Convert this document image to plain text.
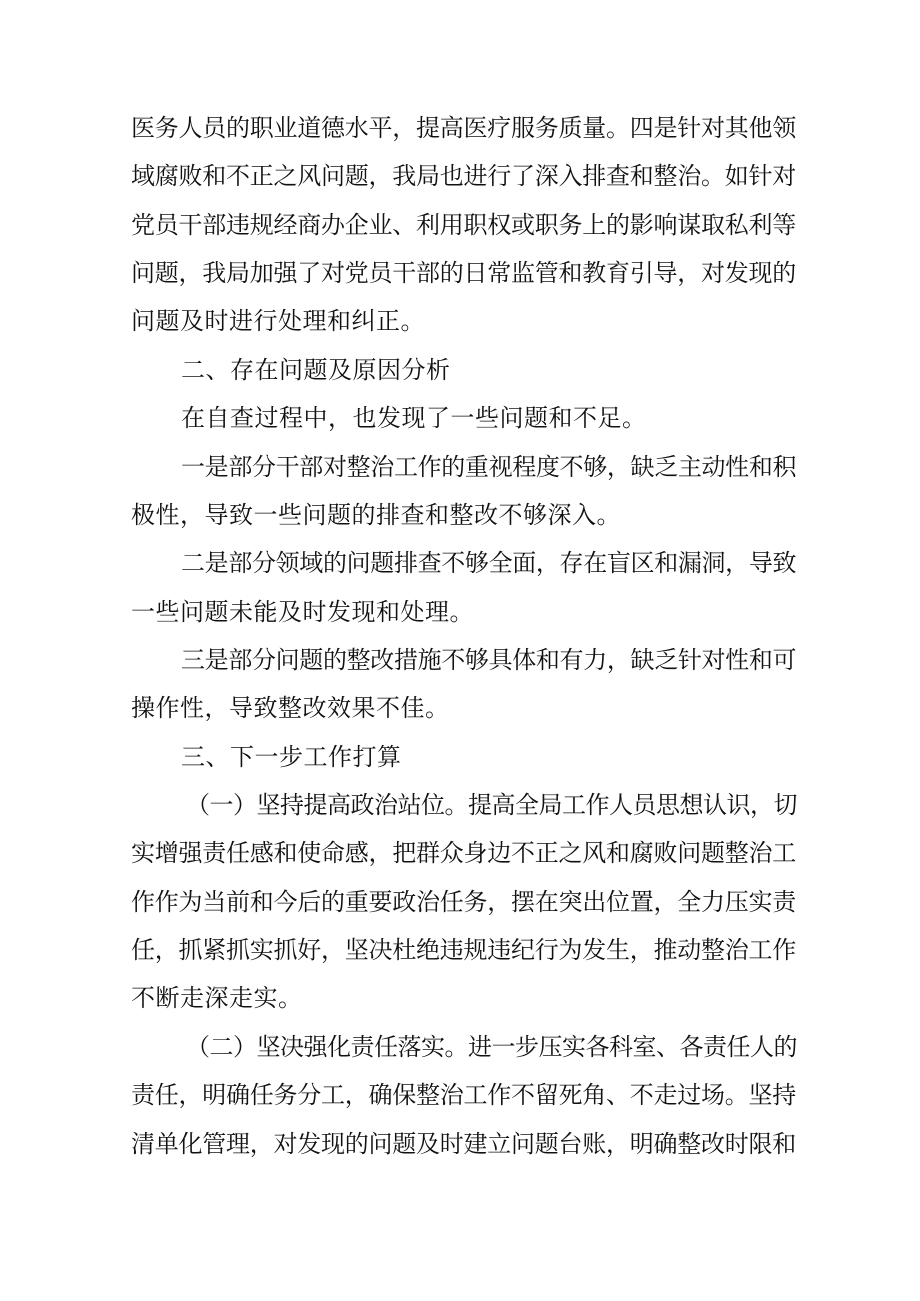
医务人员的职业道德水平，提高医疗服务质量。四是针对其他领
域腐败和不正之风问题，我局也进行了深入排查和整治。如针对
党员干部违规经商办企业、利用职权或职务上的影响谋取私利等
问题，我局加强了对党员干部的日常监管和教育引导，对发现的
问题及时进行处理和纠正。
二、存在问题及原因分析
在自查过程中，也发现了一些问题和不足。
一是部分干部对整治工作的重视程度不够，缺乏主动性和积
极性，导致一些问题的排查和整改不够深入。
二是部分领域的问题排查不够全面，存在盲区和漏洞，导致
一些问题未能及时发现和处理。
三是部分问题的整改措施不够具体和有力，缺乏针对性和可
操作性，导致整改效果不佳。
三、下一步工作打算
（一）坚持提高政治站位。提高全局工作人员思想认识，切
实增强责任感和使命感，把群众身边不正之风和腐败问题整治工
作作为当前和今后的重要政治任务，摆在突出位置，全力压实责
任，抓紧抓实抓好，坚决杜绝违规违纪行为发生，推动整治工作
不断走深走实。
（二）坚决强化责任落实。进一步压实各科室、各责任人的
责任，明确任务分工，确保整治工作不留死角、不走过场。坚持
清单化管理，对发现的问题及时建立问题台账，明确整改时限和
